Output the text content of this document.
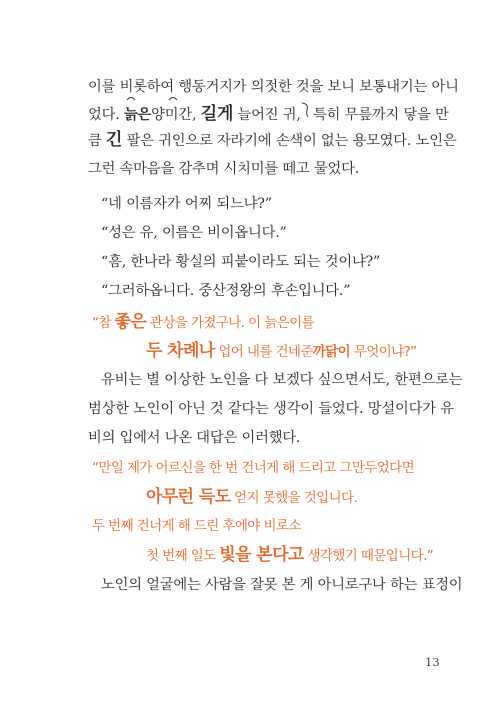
이를 비롯하여 행동거지가 의젓한 것을 보니 보통내기는 아니
었다. 늙은양미간, 길게 늘어진 귀, 특히 무릎까지 닿을 만
큼 긴 팔은 귀인으로 자라기에 손색이 없는 용모였다. 노인은
그런 속마음을 감추며 시치미를 떼고 물었다.
“네 이름자가 어찌 되느냐?”
“성은 유, 이름은 비이옵니다.”
“흠, 한나라 황실의 피붙이라도 되는 것이냐?”
“그러하옵니다. 중산정왕의 후손입니다.”
“참 좋은 관상을 가졌구나. 이 늙은이를
두 차례나 업어 내를 건네준까닭이 무엇이냐?”
유비는 별 이상한 노인을 다 보겠다 싶으면서도, 한편으로는
범상한 노인이 아닌 것 같다는 생각이 들었다. 망설이다가 유
비의 입에서 나온 대답은 이러했다.
“만일 제가 어르신을 한 번 건너게 해 드리고 그만두었다면
아무런 득도 얻지 못했을 것입니다.
두 번째 건너게 해 드린 후에야 비로소
첫 번째 일도 빛을 본다고 생각했기 때문입니다.”
노인의 얼굴에는 사람을 잘못 본 게 아니로구나 하는 표정이
13
